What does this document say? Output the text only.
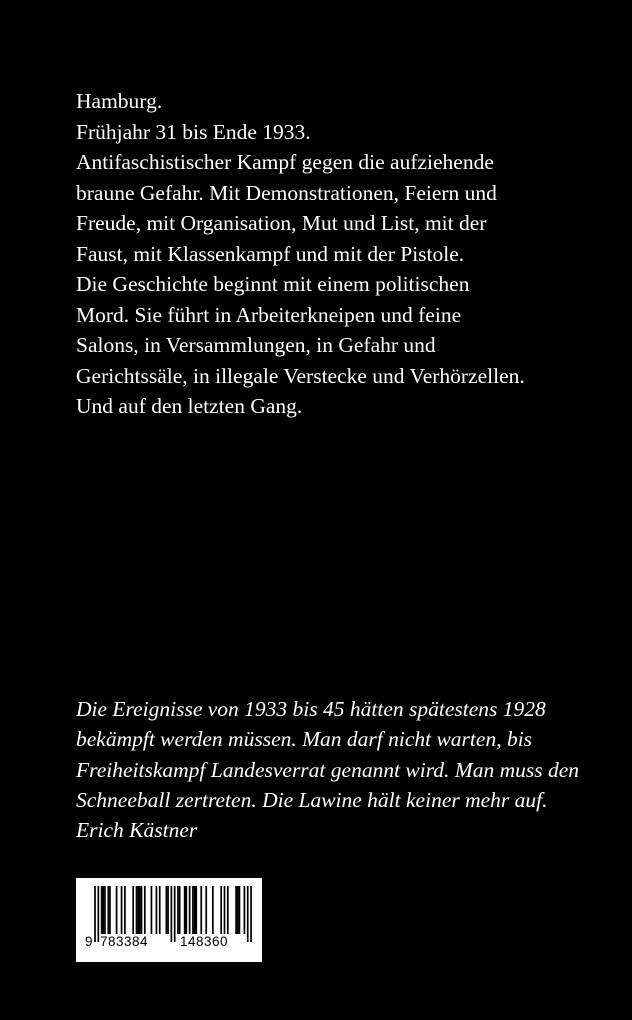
Hamburg.
Frühjahr 31 bis Ende 1933.
Antifaschistischer Kampf gegen die aufziehende
braune Gefahr. Mit Demonstrationen, Feiern und
Freude, mit Organisation, Mut und List, mit der
Faust, mit Klassenkampf und mit der Pistole.
Die Geschichte beginnt mit einem politischen
Mord. Sie führt in Arbeiterkneipen und feine
Salons, in Versammlungen, in Gefahr und
Gerichtssäle, in illegale Verstecke und Verhörzellen.
Und auf den letzten Gang.
Die Ereignisse von 1933 bis 45 hätten spätestens 1928
bekämpft werden müssen. Man darf nicht warten, bis
Freiheitskampf Landesverrat genannt wird. Man muss den
Schneeball zertreten. Die Lawine hält keiner mehr auf.
Erich Kästner
9 783384 148360
